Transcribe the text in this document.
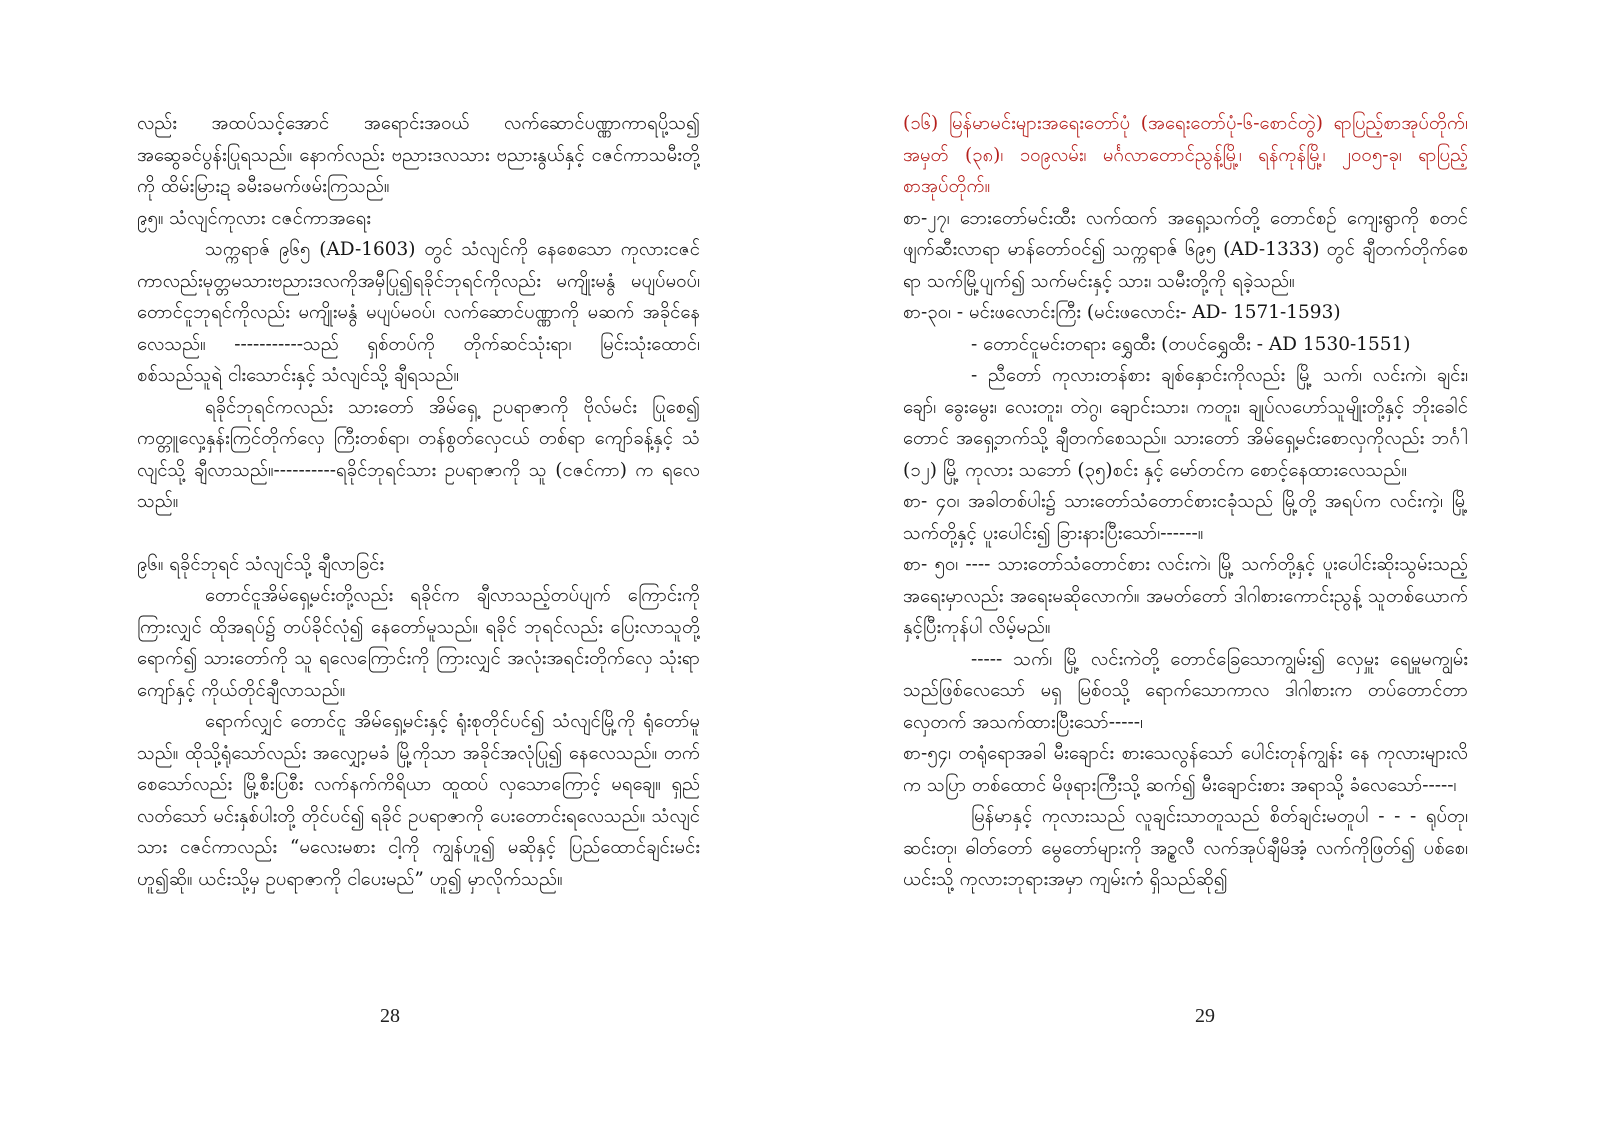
လည်း အထပ်သင့်အောင် အရောင်းအဝယ် လက်ဆောင်ပဏ္ဏာကာရပို့သ၍ အဆွေခင်ပွန်းပြုရသည်။ နောက်လည်း ဗညားဒလသား ဗညားနွယ်နှင့် ငဇင်ကာသမီးတို့ကို ထိမ်းမြားဍ ခမီးခမက်ဖမ်းကြသည်။

၉၅။ သံလျင်ကုလား ငဇင်ကာအရေး

သက္ကရာဇ် ၉၆၅ (AD-1603) တွင် သံလျင်ကို နေစေသော ကုလားငဇင်ကာလည်းမုတ္တမသားဗညားဒလကိုအမှီပြု၍ရခိုင်ဘုရင်ကိုလည်း မကျိုးမနွံ မပျပ်မဝပ်၊ တောင်ငူဘုရင်ကိုလည်း မကျိုးမနွံ မပျပ်မဝပ်၊ လက်ဆောင်ပဏ္ဏာကို မဆက် အခိုင်နေလေသည်။ -----------သည် ရှစ်တပ်ကို တိုက်ဆင်သုံးရာ၊ မြင်းသုံးထောင်၊ စစ်သည်သူရဲ ငါးသောင်းနှင့် သံလျင်သို့ ချီရသည်။

ရခိုင်ဘုရင်ကလည်း သားတော် အိမ်ရှေ့ ဥပရာဇာကို ဗိုလ်မင်း ပြုစေ၍ ကတ္တူလှေ့နှန်းကြင်တိုက်လှေ ကြီးတစ်ရာ၊ တန်စွတ်လှေငယ် တစ်ရာ ကျော်ခန့်နှင့် သံလျင်သို့ ချီလာသည်။----------ရခိုင်ဘုရင်သား ဥပရာဇာကို သူ (ငဇင်ကာ) က ရလေသည်။

၉၆။ ရခိုင်ဘုရင် သံလျင်သို့ ချီလာခြင်း

တောင်ငူအိမ်ရှေ့မင်းတို့လည်း ရခိုင်က ချီလာသည့်တပ်ပျက် ကြောင်းကိုကြားလျှင် ထိုအရပ်၌ တပ်ခိုင်လုံ၍ နေတော်မူသည်။ ရခိုင် ဘုရင်လည်း ပြေးလာသူတို့ရောက်၍ သားတော်ကို သူ ရလေကြောင်းကို ကြားလျှင် အလုံးအရင်းတိုက်လှေ သုံးရာကျော်နှင့် ကိုယ်တိုင်ချီလာသည်။

ရောက်လျှင် တောင်ငူ အိမ်ရှေ့မင်းနှင့် ရုံးစုတိုင်ပင်၍ သံလျင်မြို့ကို ရုံတော်မူသည်။ ထိုသို့ရုံသော်လည်း အလျှော့မခံ မြို့ကိုသာ အခိုင်အလုံပြု၍ နေလေသည်။ တက်စေသော်လည်း မြို့စီးပြစီး လက်နက်ကိရိယာ ထူထပ် လှသောကြောင့် မရချေ။ ရှည်လတ်သော် မင်းနှစ်ပါးတို့ တိုင်ပင်၍ ရခိုင် ဥပရာဇာကို ပေးတောင်းရလေသည်။ သံလျင်သား ငဇင်ကာလည်း “မလေးမစား ငါ့ကို ကျွန်ဟူ၍ မဆိုနှင့် ပြည်ထောင်ချင်းမင်း ဟူ၍ဆို။ ယင်းသို့မှ ဥပရာဇာကို ငါပေးမည်” ဟူ၍ မှာလိုက်သည်။

28

(၁၆) မြန်မာမင်းများအရေးတော်ပုံ (အရေးတော်ပုံ-၆-စောင်တွဲ) ရာပြည့်စာအုပ်တိုက်၊ အမှတ် (၃၈)၊ ၁၀၉လမ်း၊ မင်္ဂလာတောင်ညွန့်မြို့၊ ရန်ကုန်မြို့၊ ၂၀၀၅-ခု၊ ရာပြည့်စာအုပ်တိုက်။

စာ-၂၇၊ ဘေးတော်မင်းထီး လက်ထက် အရှေ့သက်တို့ တောင်စဉ် ကျေးရွာကို စတင်ဖျက်ဆီးလာရာ မာန်တော်ဝင်၍ သက္ကရာဇ် ၆၉၅ (AD-1333) တွင် ချီတက်တိုက်စေရာ သက်မြို့ပျက်၍ သက်မင်းနှင့် သား၊ သမီးတို့ကို ရခဲ့သည်။

စာ-၃၀၊ - မင်းဖလောင်းကြီး (မင်းဖလောင်း- AD- 1571-1593)

- တောင်ငူမင်းတရား ရွှေထီး (တပင်ရွှေထီး - AD 1530-1551)

- ညီတော် ကုလားတန်စား ချစ်နှောင်းကိုလည်း မြို့ သက်၊ လင်းကဲ၊ ချင်း၊ ချော်၊ ခွေးမွေး၊ လေးတူး၊ တဲဂွ၊ ချောင်းသား၊ ကတူး၊ ချုပ်လဟော်သူမျိုးတို့နှင့် ဘိုးခေါင်တောင် အရှေ့ဘက်သို့ ချီတက်စေသည်။ သားတော် အိမ်ရှေ့မင်းစောလှကိုလည်း ဘင်္ဂါ (၁၂) မြို့ ကုလား သဘော် (၃၅)စင်း နှင့် မော်တင်က စောင့်နေထားလေသည်။

စာ- ၄၀၊ အခါတစ်ပါး၌ သားတော်သံတောင်စားငခုံသည် မြို့တို့ အရပ်က လင်းကဲ့၊ မြို့ သက်တို့နှင့် ပူးပေါင်း၍ ခြားနားပြီးသော်၊------။

စာ- ၅၀၊ ---- သားတော်သံတောင်စား လင်းကဲ၊ မြို့ သက်တို့နှင့် ပူးပေါင်းဆိုးသွမ်းသည့် အရေးမှာလည်း အရေးမဆိုလောက်။ အမတ်တော် ဒါဂါစားကောင်းညွန့် သူတစ်ယောက် နှင့်ပြီးကုန်ပါ လိမ့်မည်။

----- သက်၊ မြို့ လင်းကဲတို့ တောင်ခြေသောကျွမ်း၍ လှေမှူး ရေမှူမကျွမ်းသည်ဖြစ်လေသော် မရှ မြစ်ဝသို့ ရောက်သောကာလ ဒါဂါစားက တပ်တောင်တာ လှေတက် အသက်ထားပြီးသော်-----၊

စာ-၅၄၊ တရုံရောအခါ မီးချောင်း စားသေလွန်သော် ပေါင်းတုန်ကျွန်း နေ ကုလားများလိက သပြာ တစ်ထောင် မိဖုရားကြီးသို့ ဆက်၍ မီးချောင်းစား အရာသို့ ခံလေသော်-----၊

မြန်မာနှင့် ကုလားသည် လူချင်းသာတူသည် စိတ်ချင်းမတူပါ - - - ရုပ်တု၊ ဆင်းတု၊ ဓါတ်တော် မွေတော်များကို အဥ္စလီ လက်အုပ်ချီမိအံ့ လက်ကိုဖြတ်၍ ပစ်စေ၊ ယင်းသို့ ကုလားဘုရားအမှာ ကျမ်းကံ ရှိသည်ဆို၍

29
